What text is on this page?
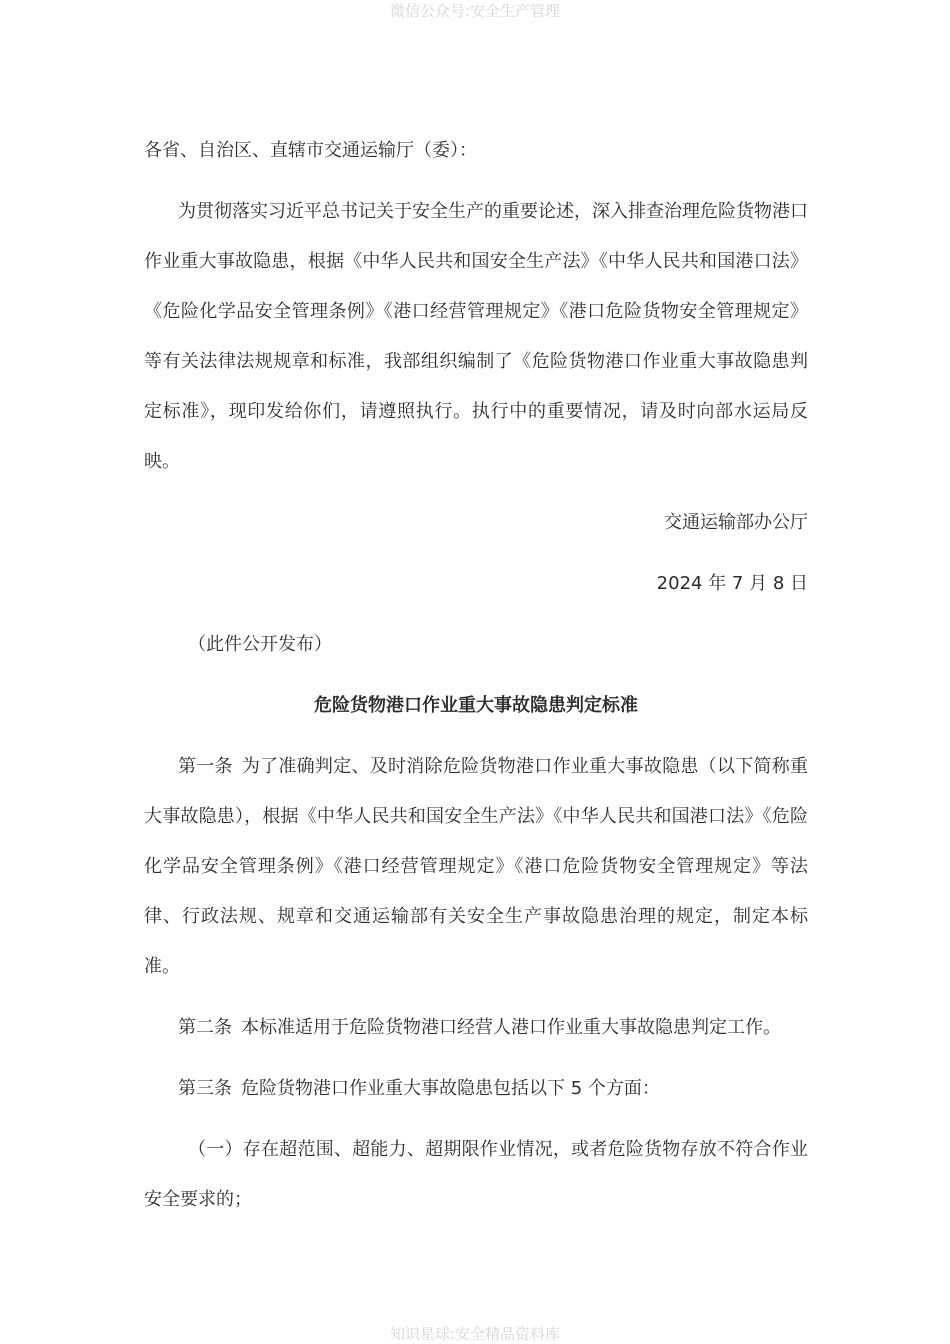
微信公众号:安全生产管理

各省、自治区、直辖市交通运输厅（委）：

为贯彻落实习近平总书记关于安全生产的重要论述，深入排查治理危险货物港口作业重大事故隐患，根据《中华人民共和国安全生产法》《中华人民共和国港口法》《危险化学品安全管理条例》《港口经营管理规定》《港口危险货物安全管理规定》等有关法律法规规章和标准，我部组织编制了《危险货物港口作业重大事故隐患判定标准》，现印发给你们，请遵照执行。执行中的重要情况，请及时向部水运局反映。

交通运输部办公厅

2024 年 7 月 8 日

（此件公开发布）

危险货物港口作业重大事故隐患判定标准

第一条 为了准确判定、及时消除危险货物港口作业重大事故隐患（以下简称重大事故隐患），根据《中华人民共和国安全生产法》《中华人民共和国港口法》《危险化学品安全管理条例》《港口经营管理规定》《港口危险货物安全管理规定》等法律、行政法规、规章和交通运输部有关安全生产事故隐患治理的规定，制定本标准。

第二条 本标准适用于危险货物港口经营人港口作业重大事故隐患判定工作。

第三条 危险货物港口作业重大事故隐患包括以下 5 个方面：

（一）存在超范围、超能力、超期限作业情况，或者危险货物存放不符合作业安全要求的；

知识星球:安全精品资料库
